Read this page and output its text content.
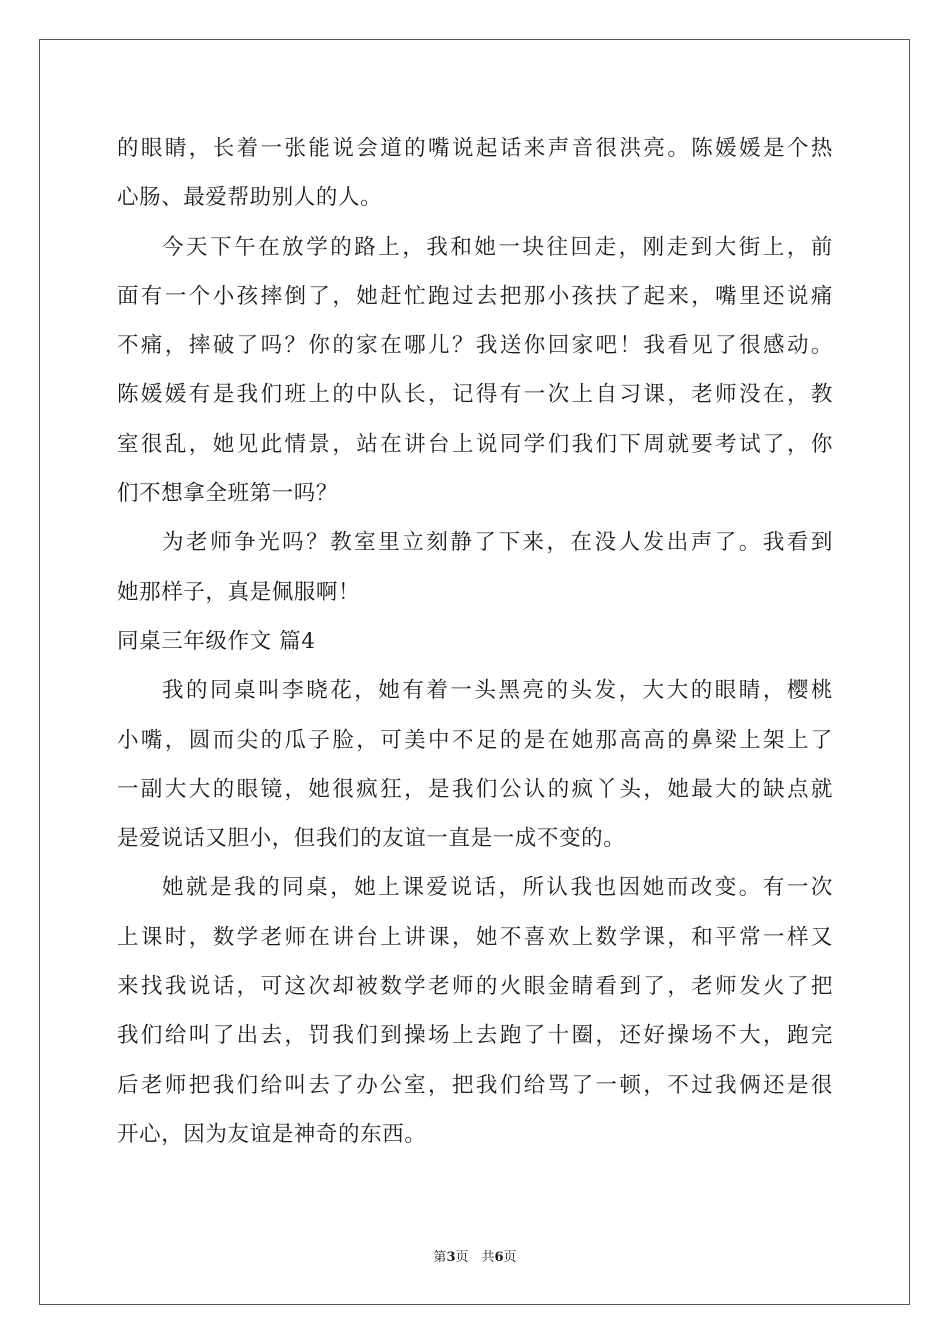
的眼睛，长着一张能说会道的嘴说起话来声音很洪亮。陈媛媛是个热
心肠、最爱帮助别人的人。
今天下午在放学的路上，我和她一块往回走，刚走到大街上，前
面有一个小孩摔倒了，她赶忙跑过去把那小孩扶了起来，嘴里还说痛
不痛，摔破了吗？你的家在哪儿？我送你回家吧！我看见了很感动。
陈媛媛有是我们班上的中队长，记得有一次上自习课，老师没在，教
室很乱，她见此情景，站在讲台上说同学们我们下周就要考试了，你
们不想拿全班第一吗？
为老师争光吗？教室里立刻静了下来，在没人发出声了。我看到
她那样子，真是佩服啊！
同桌三年级作文 篇4
我的同桌叫李晓花，她有着一头黑亮的头发，大大的眼睛，樱桃
小嘴，圆而尖的瓜子脸，可美中不足的是在她那高高的鼻梁上架上了
一副大大的眼镜，她很疯狂，是我们公认的疯丫头，她最大的缺点就
是爱说话又胆小，但我们的友谊一直是一成不变的。
她就是我的同桌，她上课爱说话，所认我也因她而改变。有一次
上课时，数学老师在讲台上讲课，她不喜欢上数学课，和平常一样又
来找我说话，可这次却被数学老师的火眼金睛看到了，老师发火了把
我们给叫了出去，罚我们到操场上去跑了十圈，还好操场不大，跑完
后老师把我们给叫去了办公室，把我们给骂了一顿，不过我俩还是很
开心，因为友谊是神奇的东西。
第3页　共6页
